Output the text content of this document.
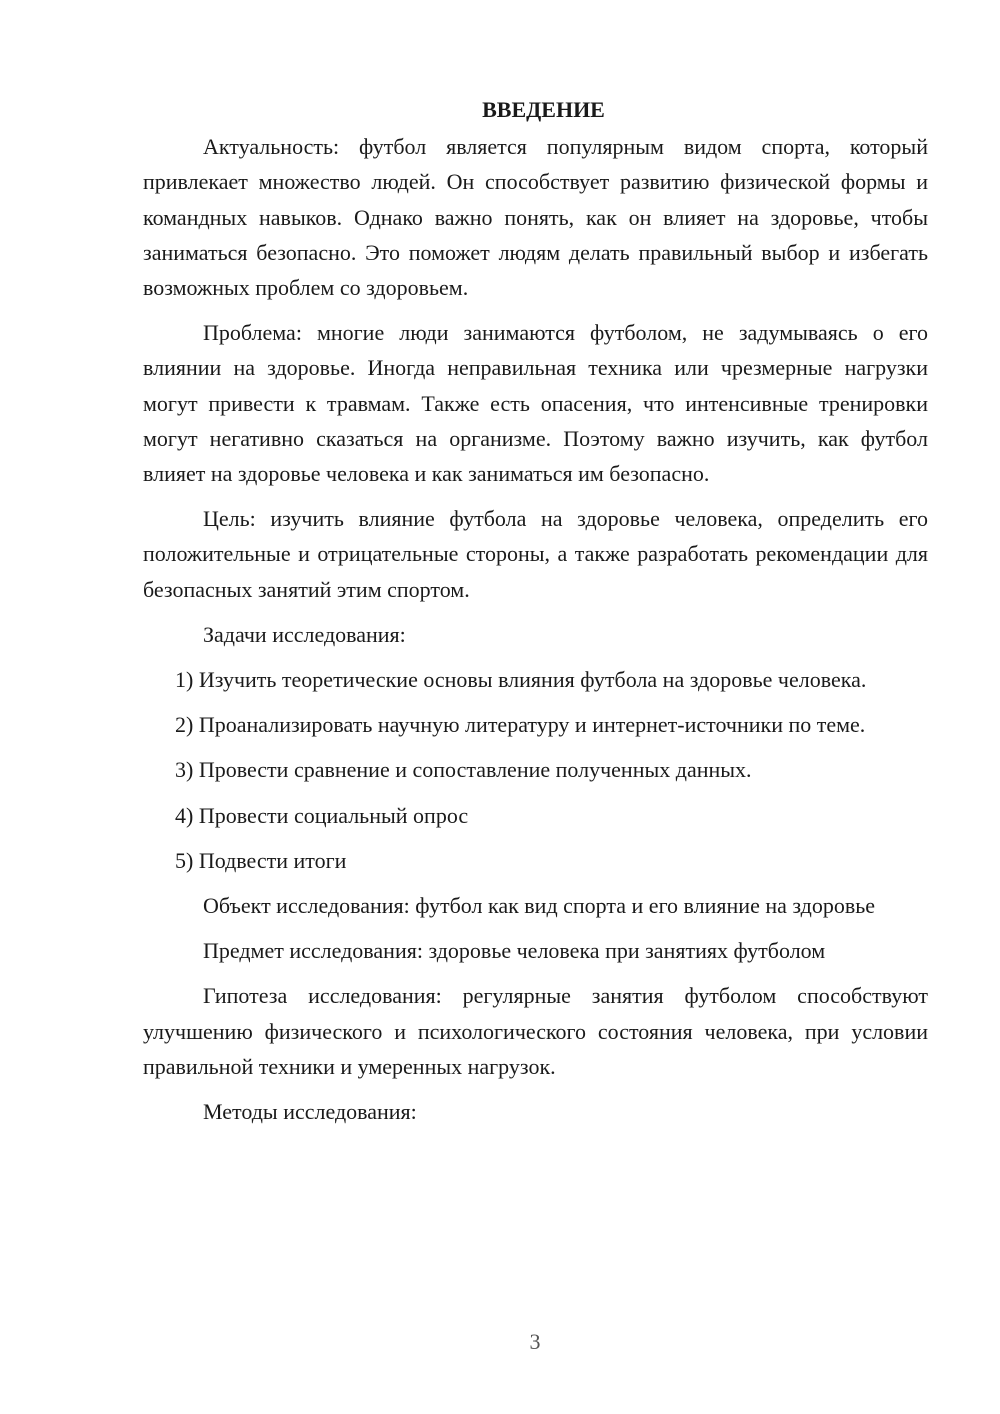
ВВЕДЕНИЕ

Актуальность: футбол является популярным видом спорта, который привлекает множество людей. Он способствует развитию физической формы и командных навыков. Однако важно понять, как он влияет на здоровье, чтобы заниматься безопасно. Это поможет людям делать правильный выбор и избегать возможных проблем со здоровьем.

Проблема: многие люди занимаются футболом, не задумываясь о его влиянии на здоровье. Иногда неправильная техника или чрезмерные нагрузки могут привести к травмам. Также есть опасения, что интенсивные тренировки могут негативно сказаться на организме. Поэтому важно изучить, как футбол влияет на здоровье человека и как заниматься им безопасно.

Цель: изучить влияние футбола на здоровье человека, определить его положительные и отрицательные стороны, а также разработать рекомендации для безопасных занятий этим спортом.

Задачи исследования:

1) Изучить теоретические основы влияния футбола на здоровье человека.

2) Проанализировать научную литературу и интернет-источники по теме.

3) Провести сравнение и сопоставление полученных данных.

4) Провести социальный опрос

5) Подвести итоги

Объект исследования: футбол как вид спорта и его влияние на здоровье

Предмет исследования: здоровье человека при занятиях футболом

Гипотеза исследования: регулярные занятия футболом способствуют улучшению физического и психологического состояния человека, при условии правильной техники и умеренных нагрузок.

Методы исследования:

3
